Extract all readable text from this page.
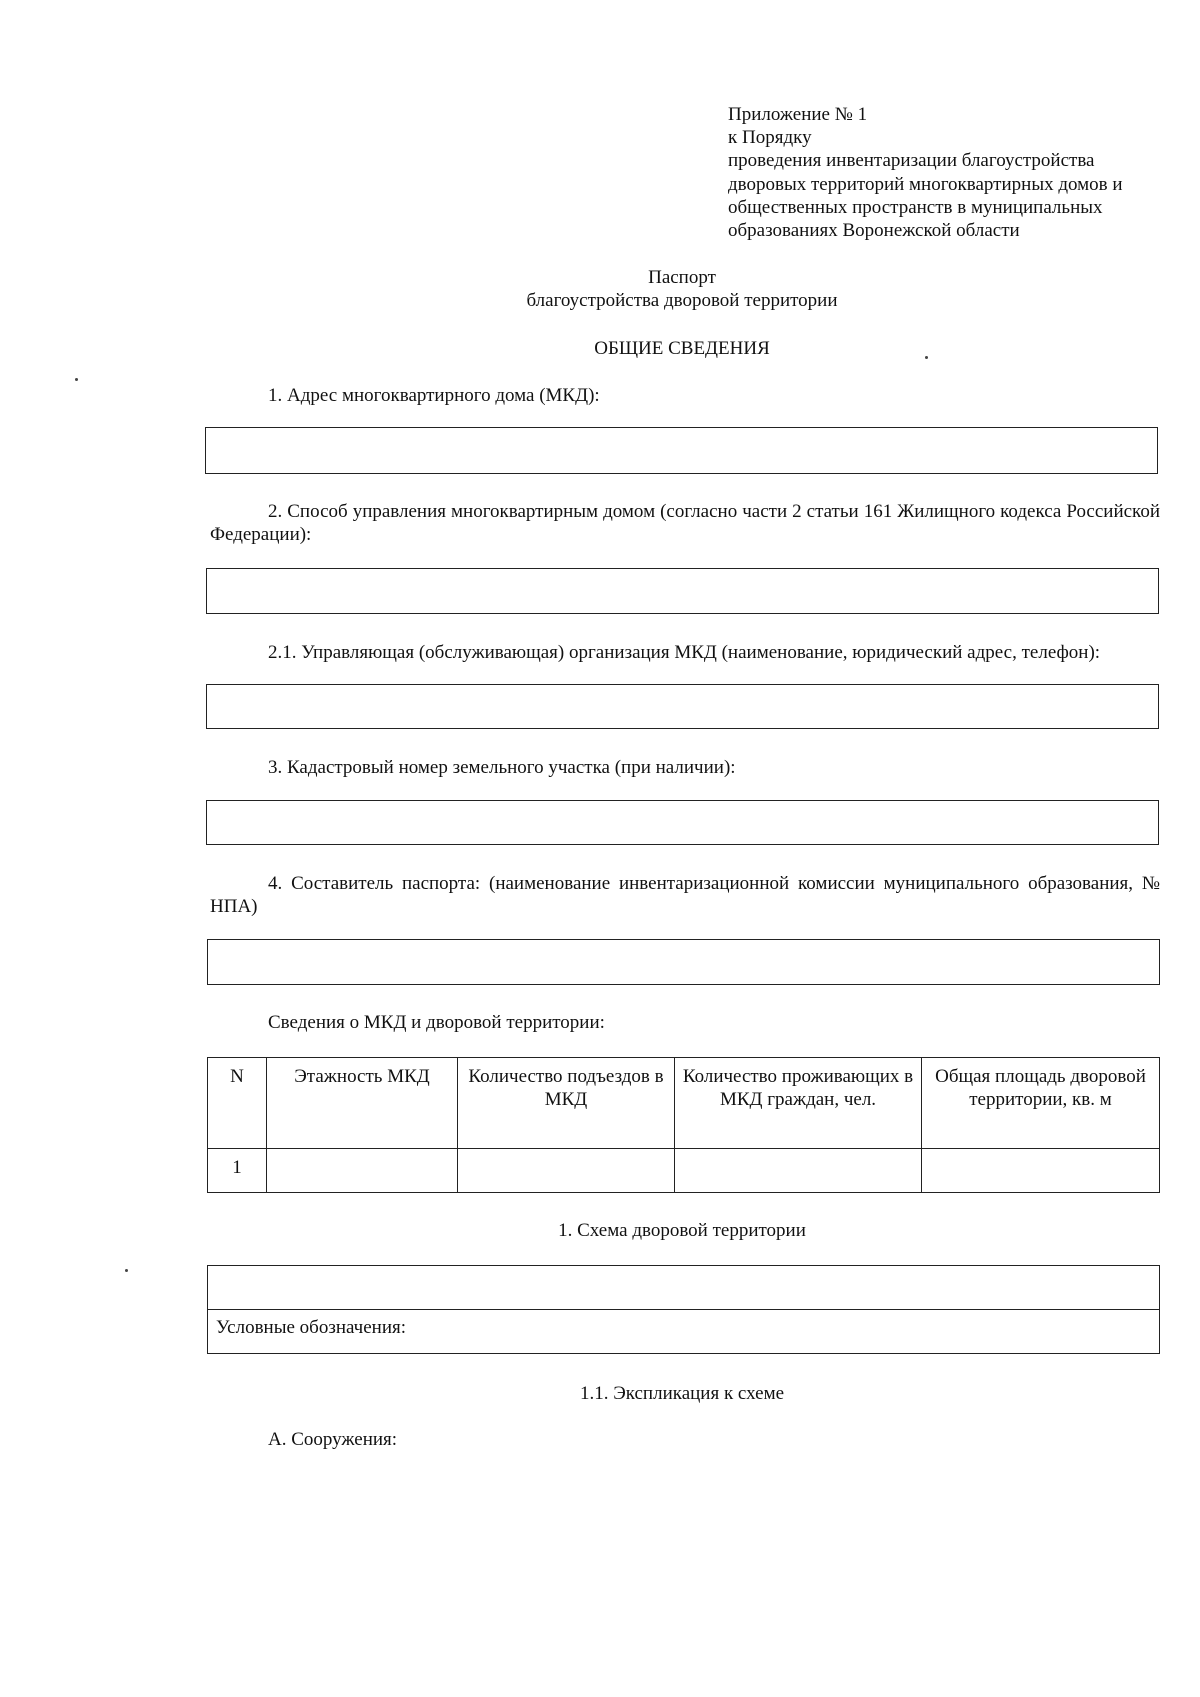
Приложение № 1
к Порядку
проведения инвентаризации благоустройства
дворовых территорий многоквартирных домов и
общественных пространств в муниципальных
образованиях Воронежской области
Паспорт
благоустройства дворовой территории
ОБЩИЕ СВЕДЕНИЯ
1. Адрес многоквартирного дома (МКД):
2. Способ управления многоквартирным домом (согласно части 2 статьи 161 Жилищного кодекса Российской Федерации):
2.1. Управляющая (обслуживающая) организация МКД (наименование, юридический адрес, телефон):
3. Кадастровый номер земельного участка (при наличии):
4. Составитель паспорта: (наименование инвентаризационной комиссии муниципального образования, № НПА)
Сведения о МКД и дворовой территории:
N	Этажность МКД	Количество подъездов в МКД	Количество проживающих в МКД граждан, чел.	Общая площадь дворовой территории, кв. м
1				
1. Схема дворовой территории

Условные обозначения:
1.1. Экспликация к схеме
А. Сооружения:
